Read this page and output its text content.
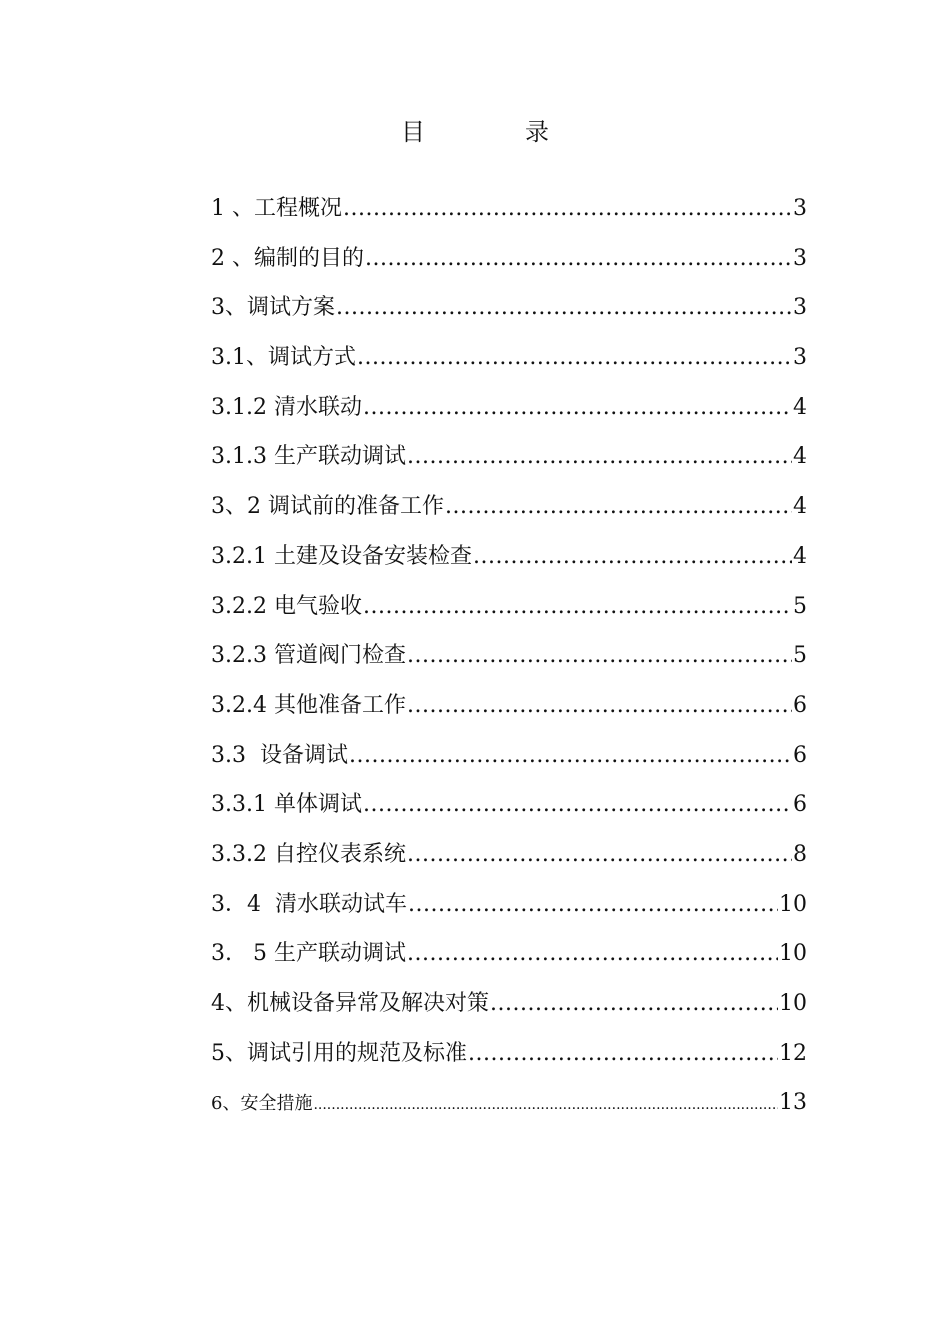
目　录
1 、工程概况 .....	3
2 、编制的目的 .....	3
3、调试方案 .....	3
3.1、调试方式 .....	3
3.1.2 清水联动 .....	4
3.1.3 生产联动调试 .....	4
3、2 调试前的准备工作 .....	4
3.2.1 土建及设备安装检查 .....	4
3.2.2 电气验收 .....	5
3.2.3 管道阀门检查 .....	5
3.2.4 其他准备工作 .....	6
3.3  设备调试 .....	6
3.3.1 单体调试 .....	6
3.3.2 自控仪表系统 .....	8
3．4  清水联动试车 .....	10
3.   5 生产联动调试 .....	10
4、机械设备异常及解决对策 .....	10
5、调试引用的规范及标准 .....	12
6、安全措施 .....	13
